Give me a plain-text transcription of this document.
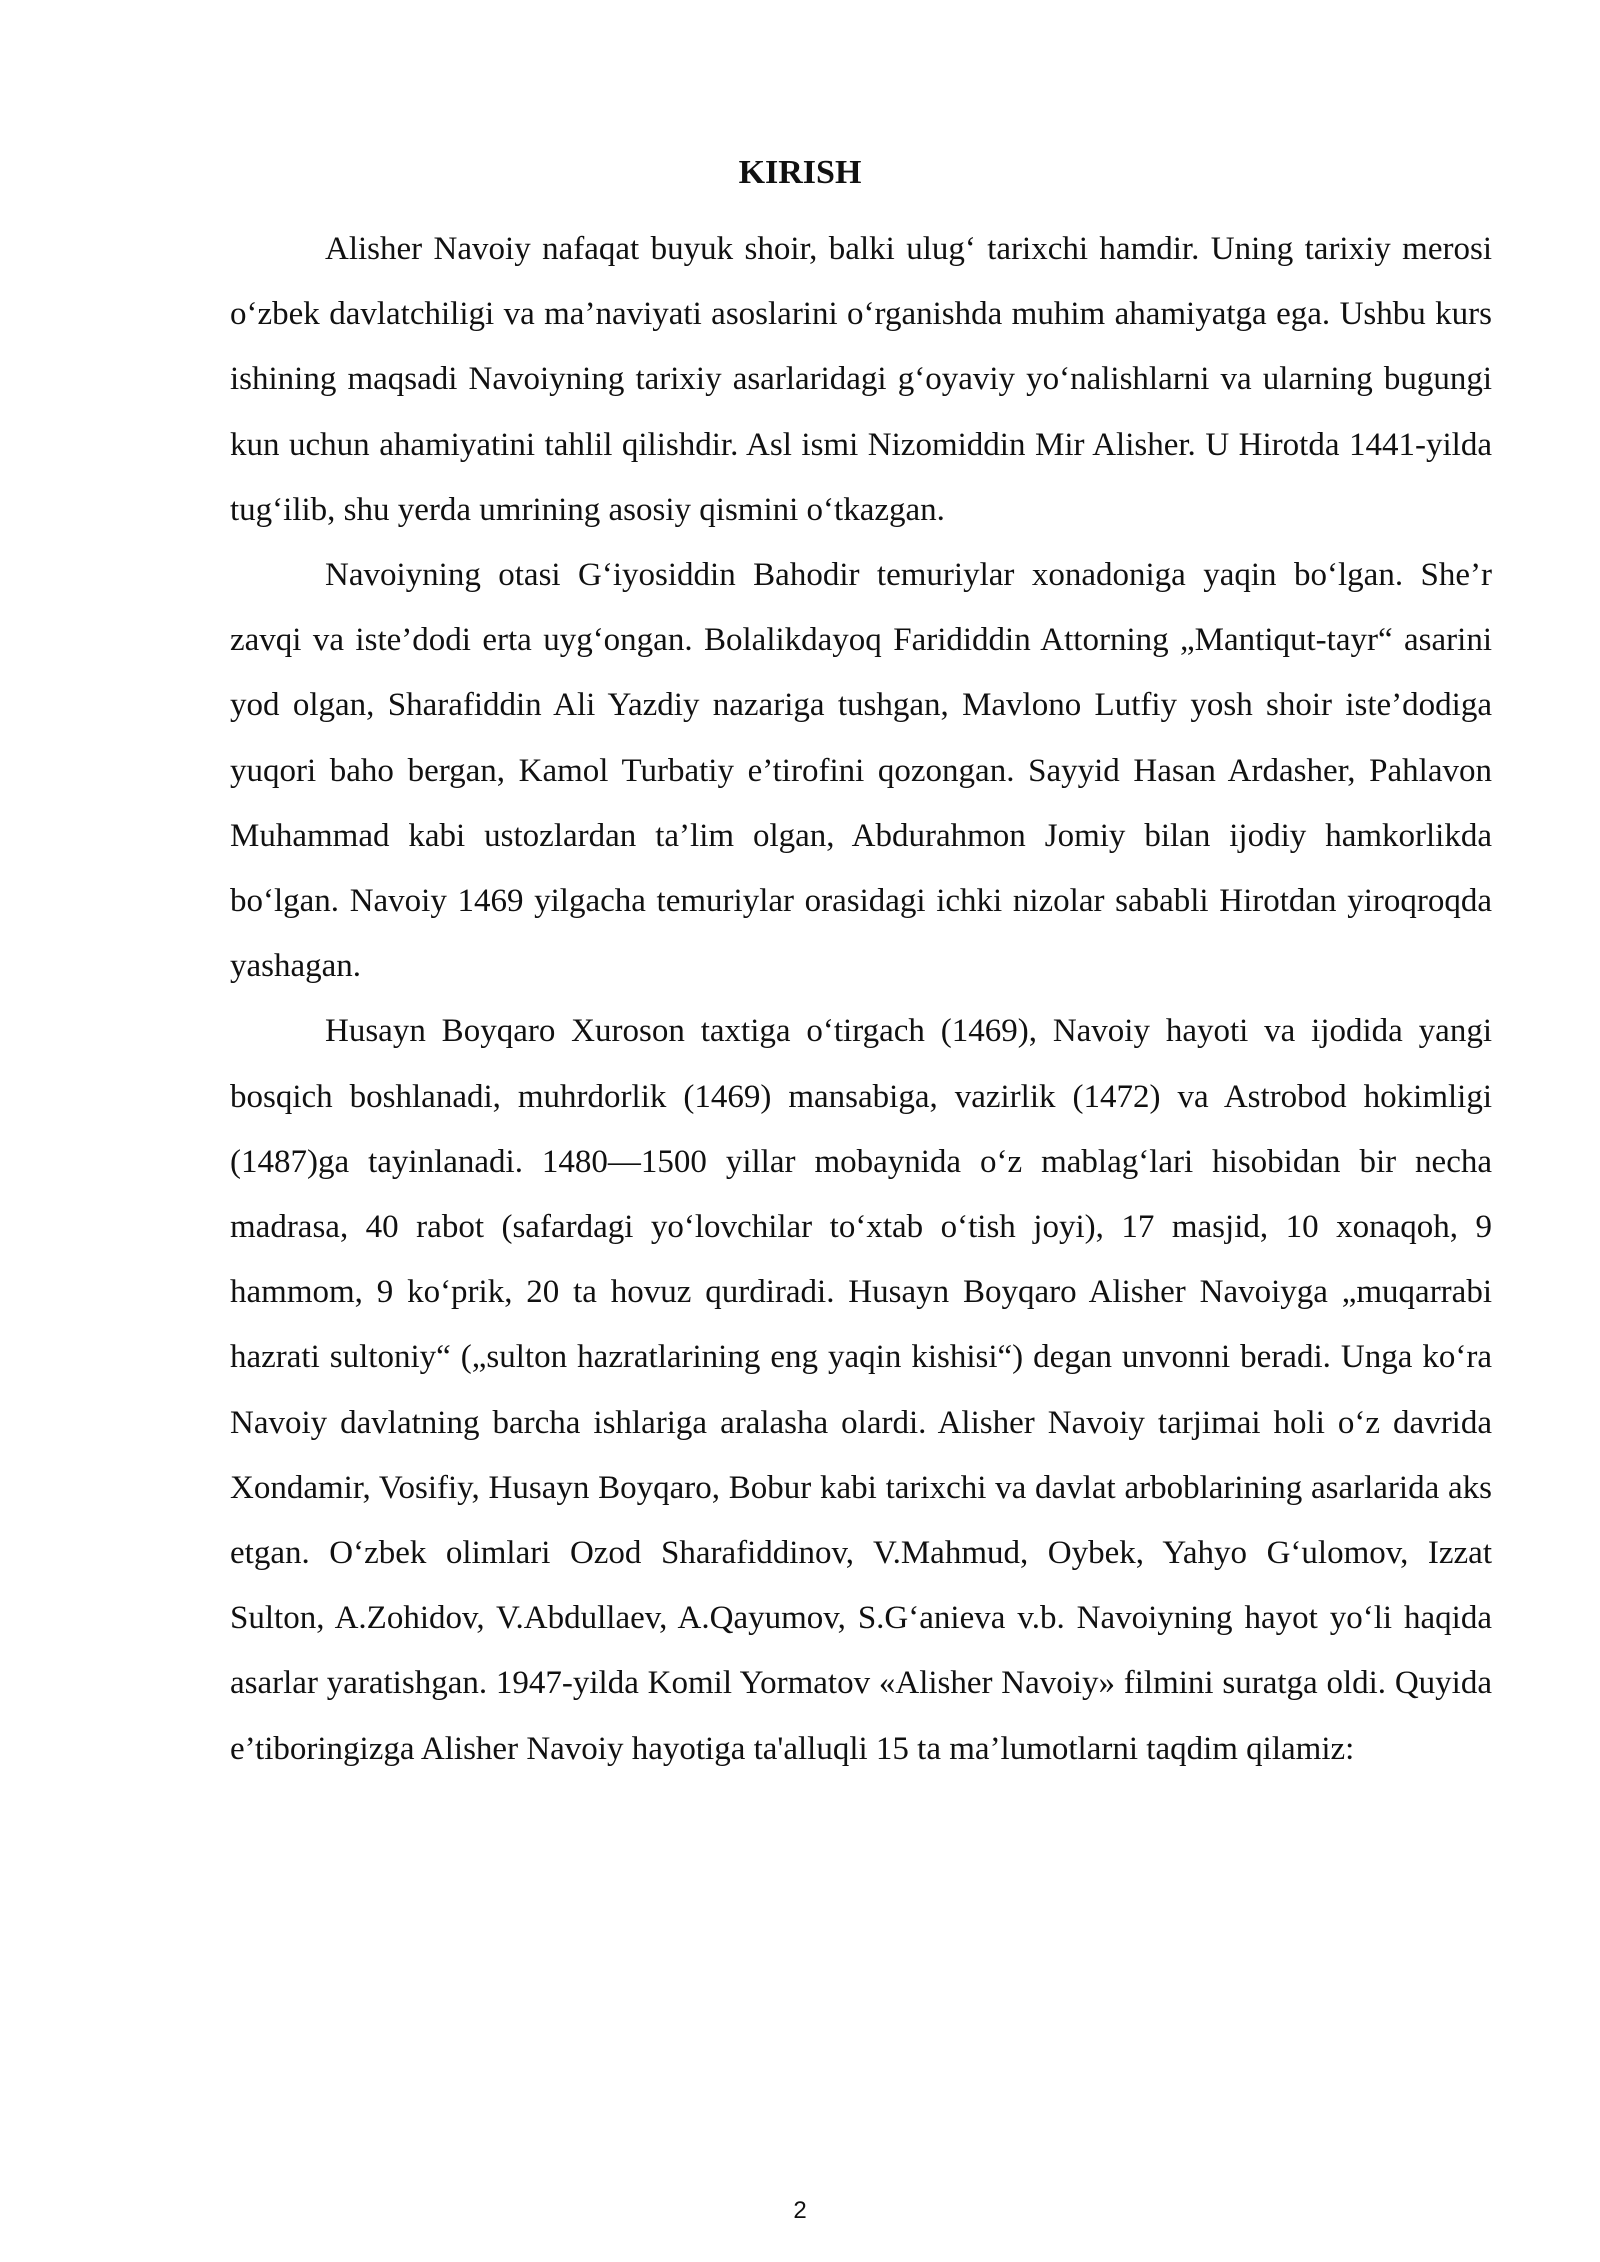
KIRISH

Alisher Navoiy nafaqat buyuk shoir, balki ulug‘ tarixchi hamdir. Uning tarixiy merosi o‘zbek davlatchiligi va ma’naviyati asoslarini o‘rganishda muhim ahamiyatga ega. Ushbu kurs ishining maqsadi Navoiyning tarixiy asarlaridagi g‘oyaviy yo‘nalishlarni va ularning bugungi kun uchun ahamiyatini tahlil qilishdir. Asl ismi Nizomiddin Mir Alisher. U Hirotda 1441-yilda tug‘ilib, shu yerda umrining asosiy qismini o‘tkazgan.

Navoiyning otasi G‘iyosiddin Bahodir temuriylar xonadoniga yaqin bo‘lgan. She’r zavqi va iste’dodi erta uyg‘ongan. Bolalikdayoq Farididdin Attorning „Mantiqut-tayr“ asarini yod olgan, Sharafiddin Ali Yazdiy nazariga tushgan, Mavlono Lutfiy yosh shoir iste’dodiga yuqori baho bergan, Kamol Turbatiy e’tirofini qozongan. Sayyid Hasan Ardasher, Pahlavon Muhammad kabi ustozlardan ta’lim olgan, Abdurahmon Jomiy bilan ijodiy hamkorlikda bo‘lgan. Navoiy 1469 yilgacha temuriylar orasidagi ichki nizolar sababli Hirotdan yiroqroqda yashagan.

Husayn Boyqaro Xuroson taxtiga o‘tirgach (1469), Navoiy hayoti va ijodida yangi bosqich boshlanadi, muhrdorlik (1469) mansabiga, vazirlik (1472) va Astrobod hokimligi (1487)ga tayinlanadi. 1480—1500 yillar mobaynida o‘z mablag‘lari hisobidan bir necha madrasa, 40 rabot (safardagi yo‘lovchilar to‘xtab o‘tish joyi), 17 masjid, 10 xonaqoh, 9 hammom, 9 ko‘prik, 20 ta hovuz qurdiradi. Husayn Boyqaro Alisher Navoiyga „muqarrabi hazrati sultoniy“ („sulton hazratlarining eng yaqin kishisi“) degan unvonni beradi. Unga ko‘ra Navoiy davlatning barcha ishlariga aralasha olardi. Alisher Navoiy tarjimai holi o‘z davrida Xondamir, Vosifiy, Husayn Boyqaro, Bobur kabi tarixchi va davlat arboblarining asarlarida aks etgan. O‘zbek olimlari Ozod Sharafiddinov, V.Mahmud, Oybek, Yahyo G‘ulomov, Izzat Sulton, A.Zohidov, V.Abdullaev, A.Qayumov, S.G‘anieva v.b. Navoiyning hayot yo‘li haqida asarlar yaratishgan. 1947-yilda Komil Yormatov «Alisher Navoiy» filmini suratga oldi. Quyida e’tiboringizga Alisher Navoiy hayotiga ta'alluqli 15 ta ma’lumotlarni taqdim qilamiz:

2
